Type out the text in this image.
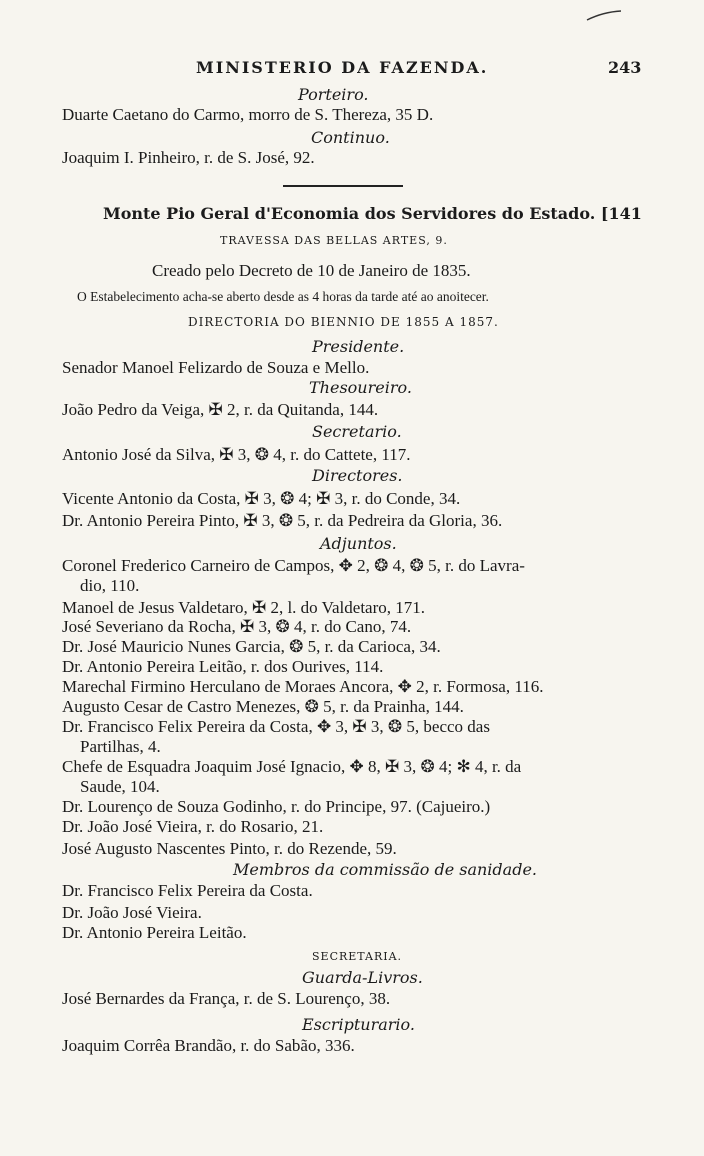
MINISTERIO DA FAZENDA.	243
Porteiro.
Duarte Caetano do Carmo, morro de S. Thereza, 35 D.
Continuo.
Joaquim I. Pinheiro, r. de S. José, 92.
Monte Pio Geral d'Economia dos Servidores do Estado. [141
TRAVESSA DAS BELLAS ARTES, 9.
Creado pelo Decreto de 10 de Janeiro de 1835.
O Estabelecimento acha-se aberto desde as 4 horas da tarde até ao anoitecer.
DIRECTORIA DO BIENNIO DE 1855 A 1857.
Presidente.
Senador Manoel Felizardo de Souza e Mello.
Thesoureiro.
João Pedro da Veiga, ✠ 2, r. da Quitanda, 144.
Secretario.
Antonio José da Silva, ✠ 3, ❂ 4, r. do Cattete, 117.
Directores.
Vicente Antonio da Costa, ✠ 3, ❂ 4; ✠ 3, r. do Conde, 34.
Dr. Antonio Pereira Pinto, ✠ 3, ❂ 5, r. da Pedreira da Gloria, 36.
Adjuntos.
Coronel Frederico Carneiro de Campos, ✥ 2, ❂ 4, ❂ 5, r. do Lavra-
dio, 110.
Manoel de Jesus Valdetaro, ✠ 2, l. do Valdetaro, 171.
José Severiano da Rocha, ✠ 3, ❂ 4, r. do Cano, 74.
Dr. José Mauricio Nunes Garcia, ❂ 5, r. da Carioca, 34.
Dr. Antonio Pereira Leitão, r. dos Ourives, 114.
Marechal Firmino Herculano de Moraes Ancora, ✥ 2, r. Formosa, 116.
Augusto Cesar de Castro Menezes, ❂ 5, r. da Prainha, 144.
Dr. Francisco Felix Pereira da Costa, ✥ 3, ✠ 3, ❂ 5, becco das
Partilhas, 4.
Chefe de Esquadra Joaquim José Ignacio, ✥ 8, ✠ 3, ❂ 4; ✻ 4, r. da
Saude, 104.
Dr. Lourenço de Souza Godinho, r. do Principe, 97. (Cajueiro.)
Dr. João José Vieira, r. do Rosario, 21.
José Augusto Nascentes Pinto, r. do Rezende, 59.
Membros da commissão de sanidade.
Dr. Francisco Felix Pereira da Costa.
Dr. João José Vieira.
Dr. Antonio Pereira Leitão.
SECRETARIA.
Guarda-Livros.
José Bernardes da França, r. de S. Lourenço, 38.
Escripturario.
Joaquim Corrêa Brandão, r. do Sabão, 336.
